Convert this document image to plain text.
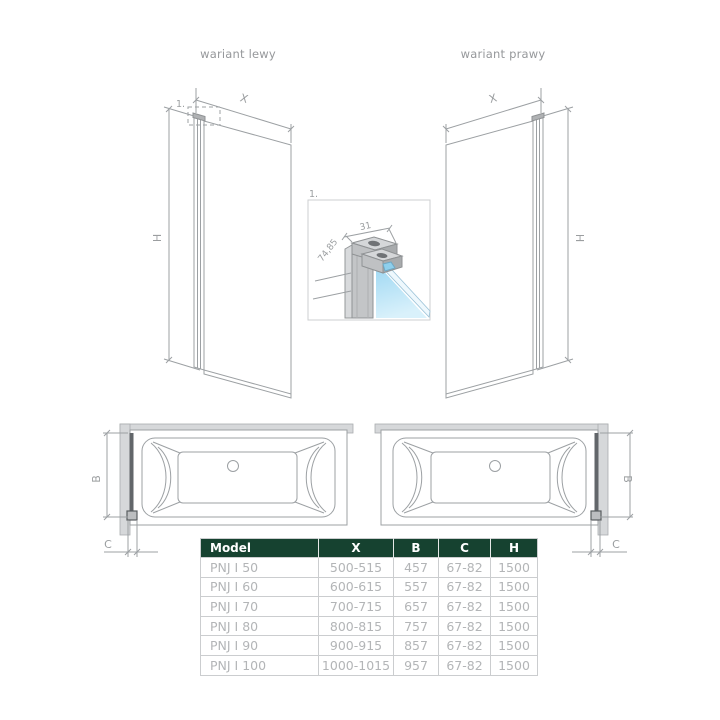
wariant lewy	wariant prawy
X
H
1.	X
H
1.
31
74,85
B
C
B
C
Model	X	B	C	H
PNJ I 50	500-515	457	67-82	1500
PNJ I 60	600-615	557	67-82	1500
PNJ I 70	700-715	657	67-82	1500
PNJ I 80	800-815	757	67-82	1500
PNJ I 90	900-915	857	67-82	1500
PNJ I 100	1000-1015	957	67-82	1500
